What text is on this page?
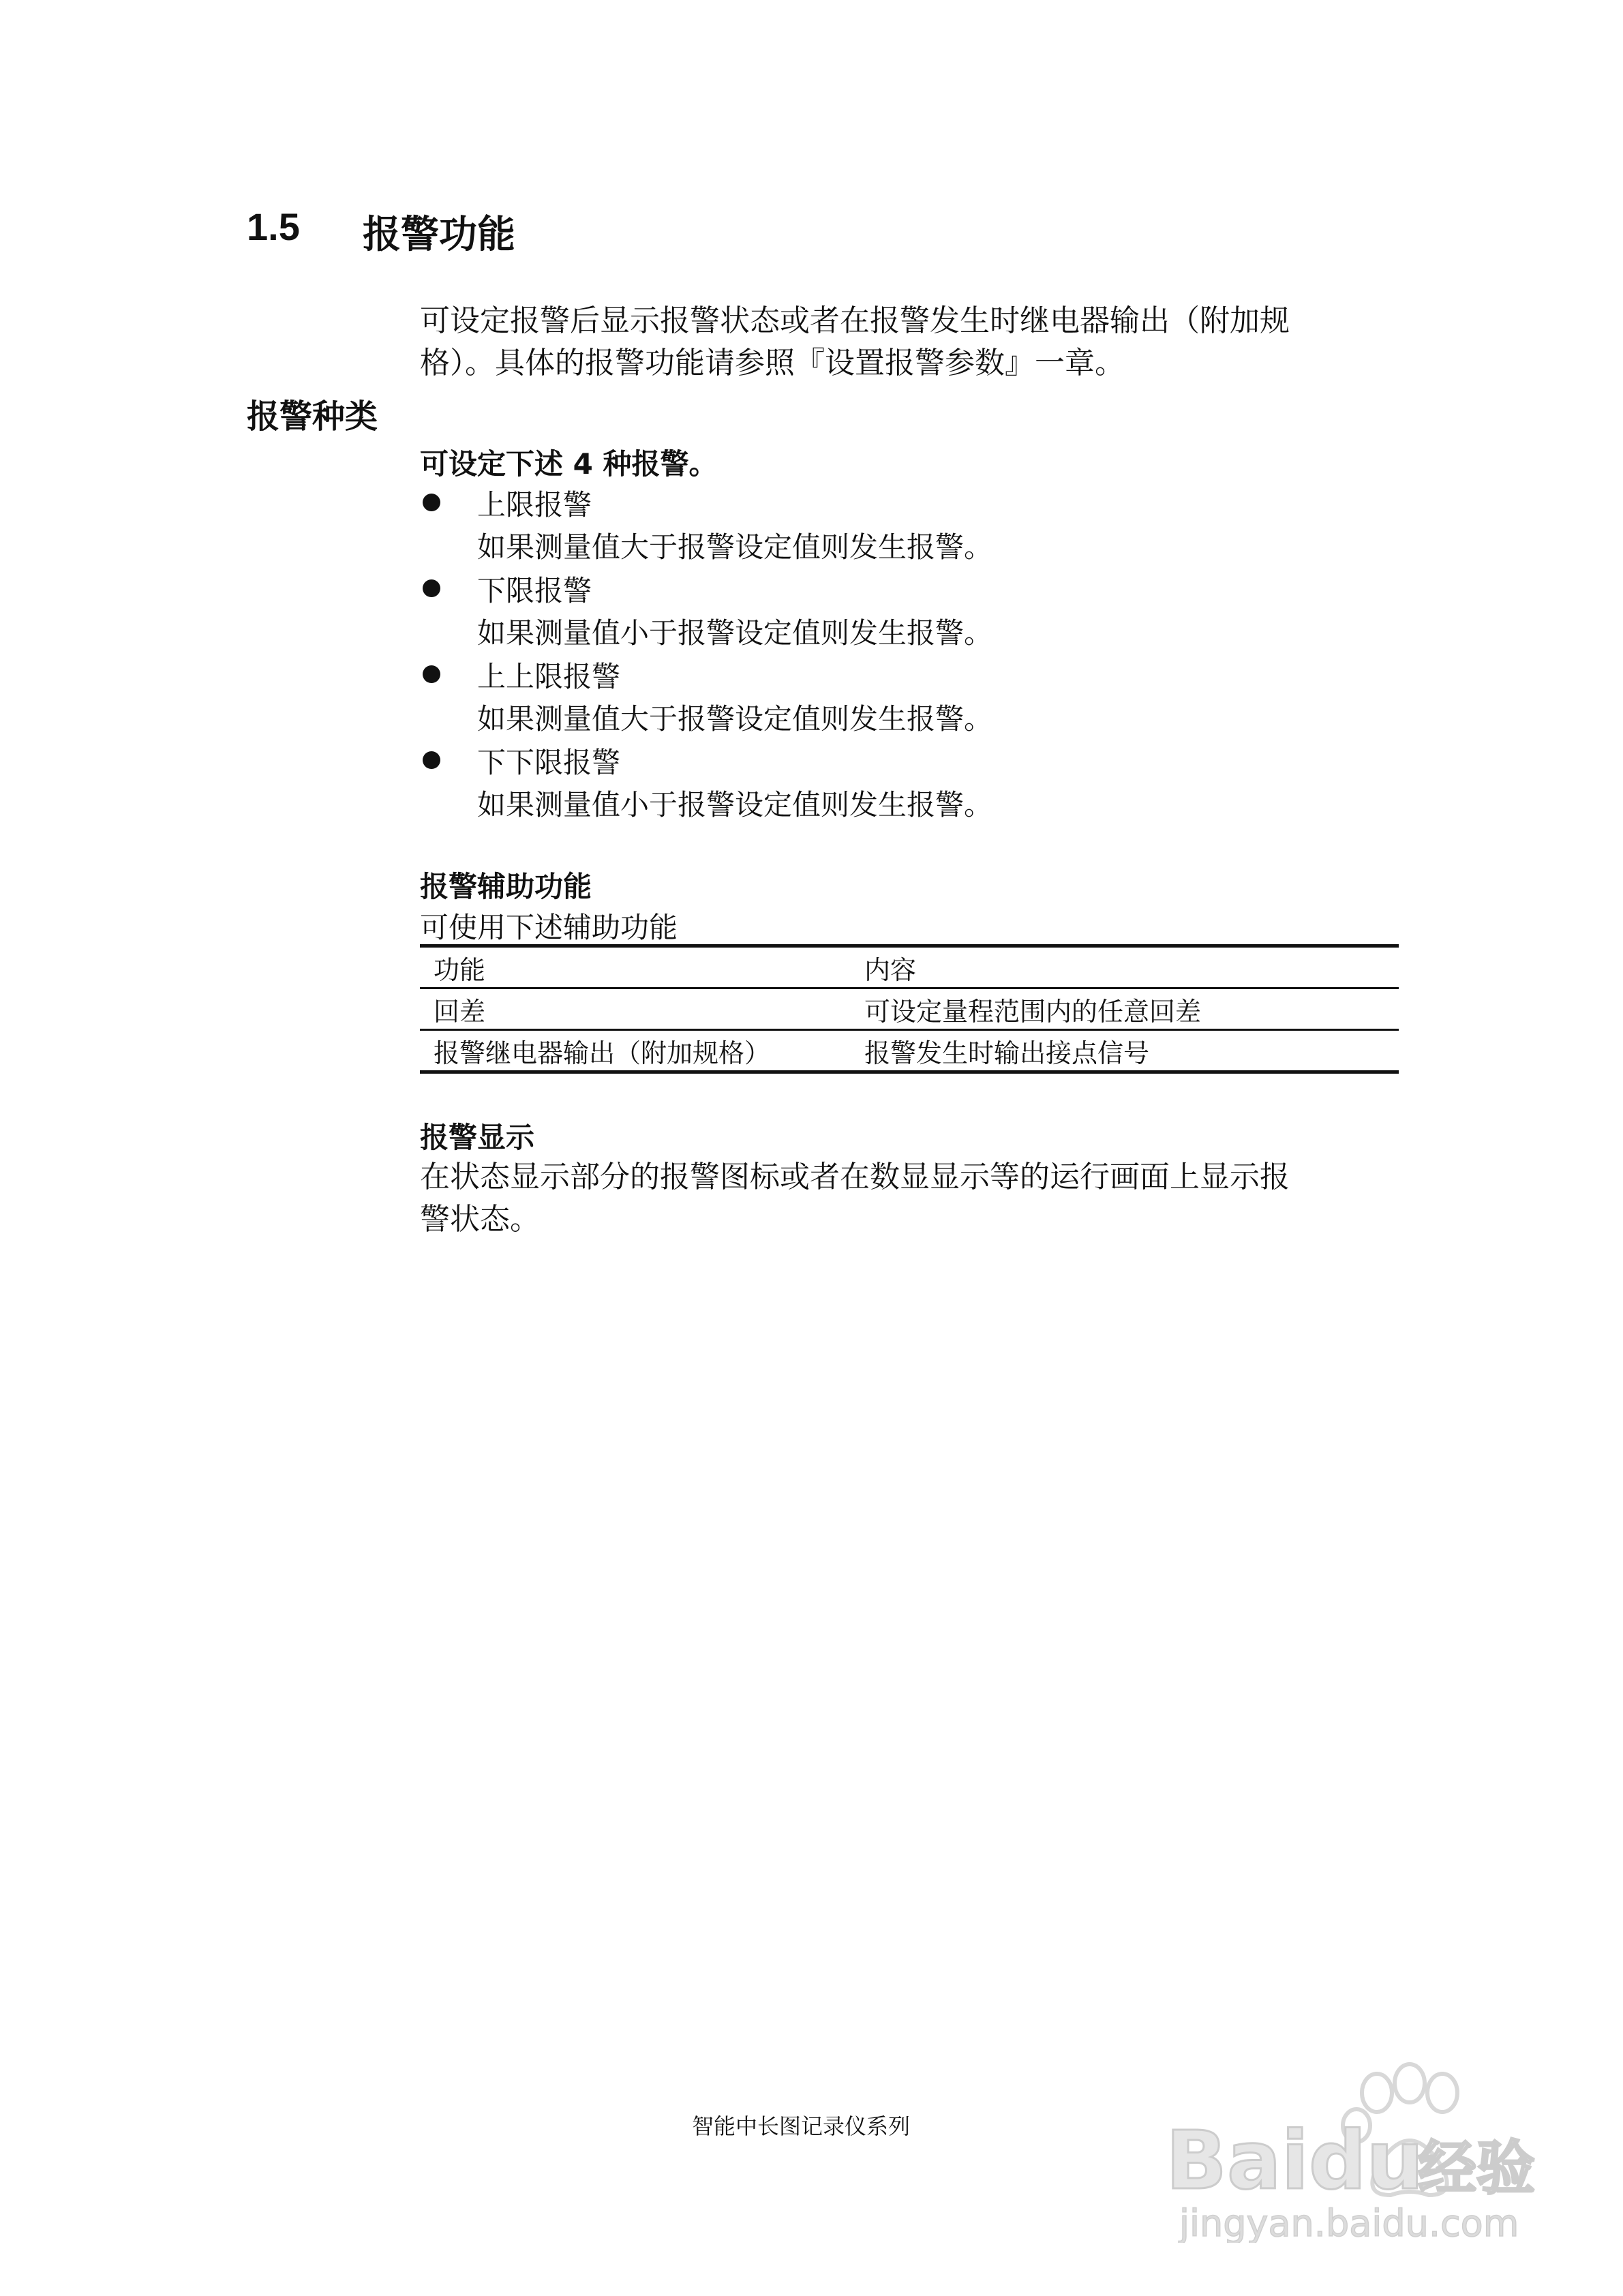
1.5 报警功能
可设定报警后显示报警状态或者在报警发生时继电器输出（附加规
格）。具体的报警功能请参照『设置报警参数』一章。
报警种类
可设定下述 4 种报警。
上限报警
如果测量值大于报警设定值则发生报警。
下限报警
如果测量值小于报警设定值则发生报警。
上上限报警
如果测量值大于报警设定值则发生报警。
下下限报警
如果测量值小于报警设定值则发生报警。
报警辅助功能
可使用下述辅助功能
功能	内容
回差	可设定量程范围内的任意回差
报警继电器输出（附加规格）	报警发生时输出接点信号
报警显示
在状态显示部分的报警图标或者在数显显示等的运行画面上显示报
警状态。
智能中长图记录仪系列	Bai du
经验
jingyan.baidu.com
